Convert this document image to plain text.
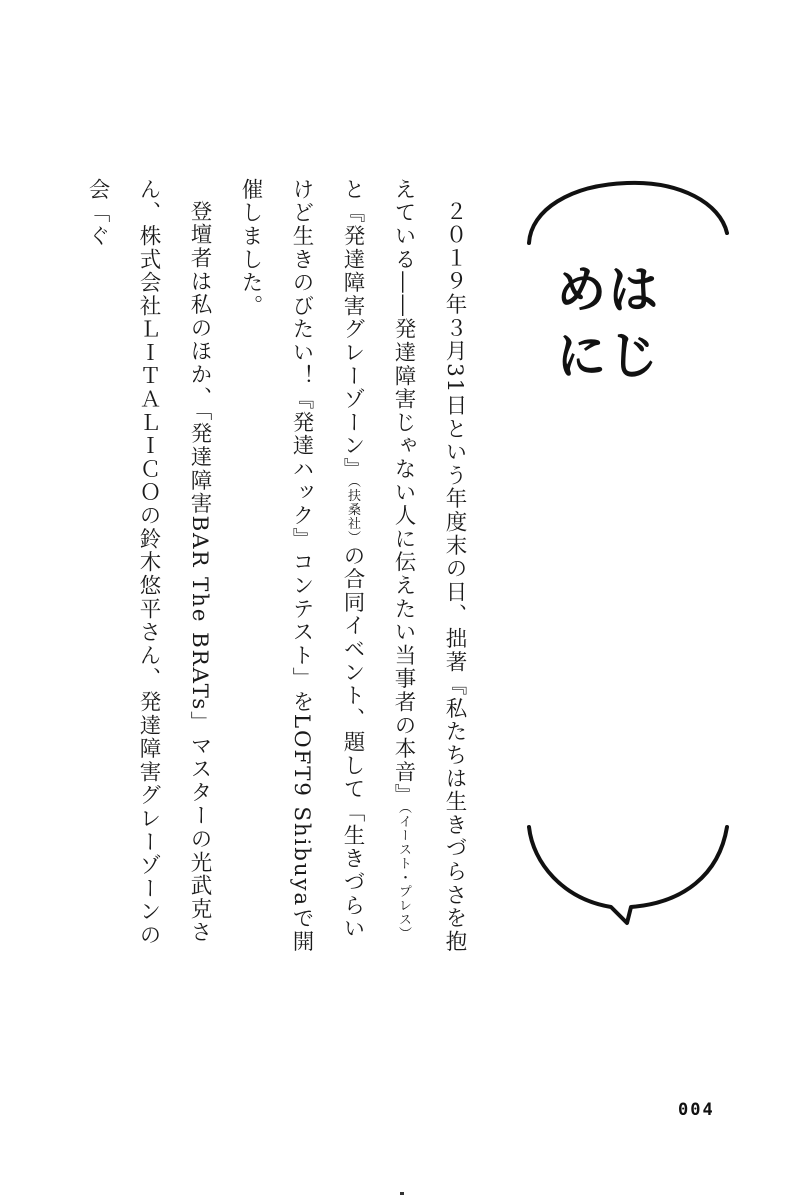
はじめに

２０１９年３月31日という年度末の日、拙著『私たちは生きづらさを抱えている――発達障害じゃない人に伝えたい当事者の本音』（イースト・プレス）と『発達障害グレーゾーン』（扶桑社）の合同イベント、題して「生きづらいけど生きのびたい！『発達ハック』コンテスト」をLOFT9 Shibuyaで開催しました。

登壇者は私のほか、「発達障害BAR The BRATs」マスターの光武克さん、株式会社ＬＩＴＡＬＩＣＯの鈴木悠平さん、発達障害グレーゾーンの会「ぐ

004
